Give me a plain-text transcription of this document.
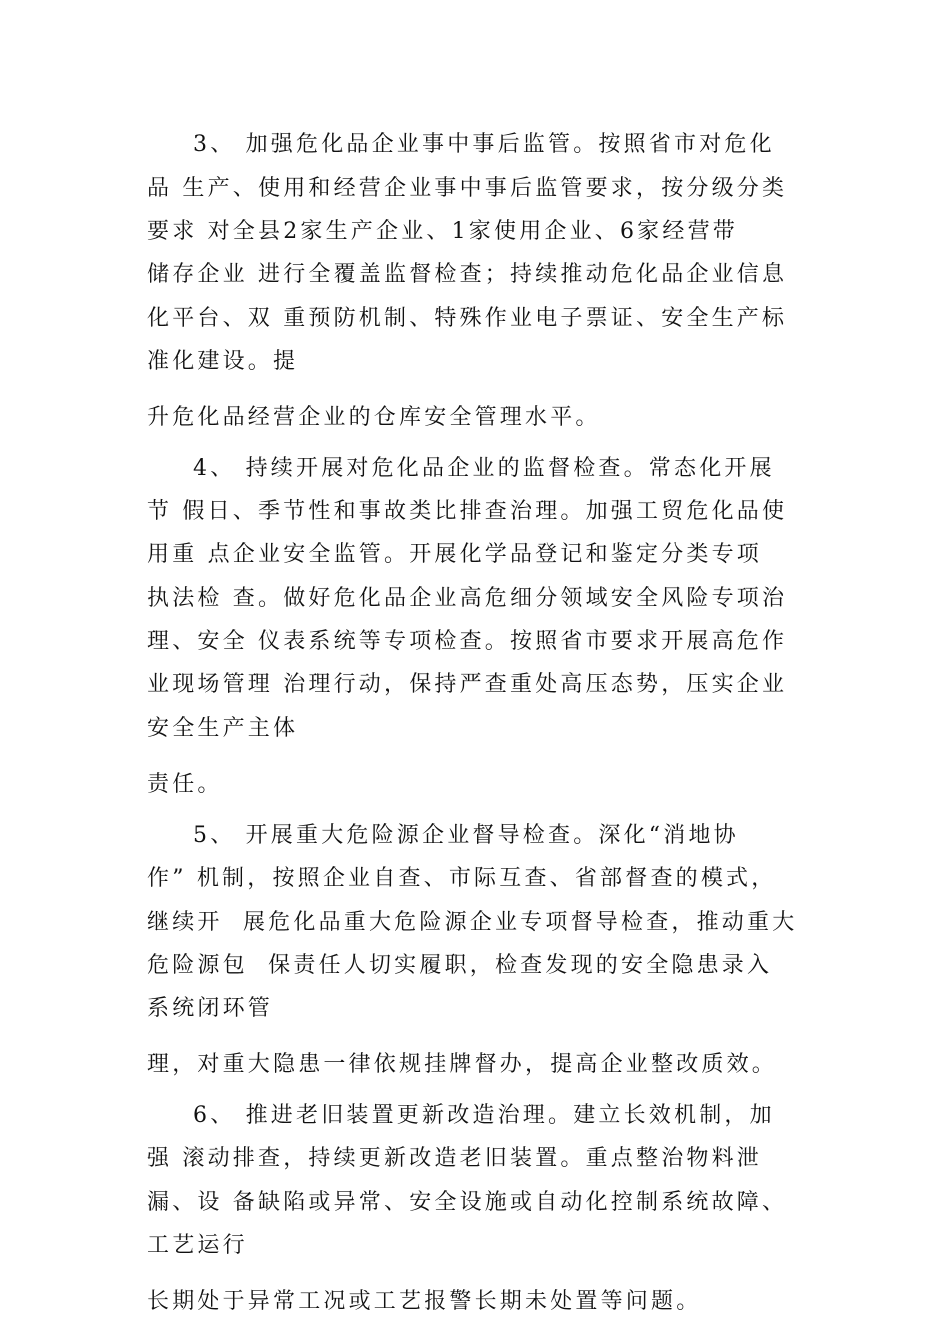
3、 加强危化品企业事中事后监管。按照省市对危化
品 生产、使用和经营企业事中事后监管要求，按分级分类
要求 对全县2家生产企业、1家使用企业、6家经营带
储存企业 进行全覆盖监督检查；持续推动危化品企业信息
化平台、双 重预防机制、特殊作业电子票证、安全生产标
准化建设。提
升危化品经营企业的仓库安全管理水平。
4、 持续开展对危化品企业的监督检查。常态化开展
节 假日、季节性和事故类比排查治理。加强工贸危化品使
用重 点企业安全监管。开展化学品登记和鉴定分类专项
执法检 查。做好危化品企业高危细分领域安全风险专项治
理、安全 仪表系统等专项检查。按照省市要求开展高危作
业现场管理 治理行动，保持严查重处高压态势，压实企业
安全生产主体
责任。
5、 开展重大危险源企业督导检查。深化“消地协
作” 机制，按照企业自查、市际互查、省部督查的模式，
继续开  展危化品重大危险源企业专项督导检查，推动重大
危险源包  保责任人切实履职，检查发现的安全隐患录入
系统闭环管
理，对重大隐患一律依规挂牌督办，提高企业整改质效。
6、 推进老旧装置更新改造治理。建立长效机制，加
强 滚动排查，持续更新改造老旧装置。重点整治物料泄
漏、设 备缺陷或异常、安全设施或自动化控制系统故障、
工艺运行
长期处于异常工况或工艺报警长期未处置等问题。
